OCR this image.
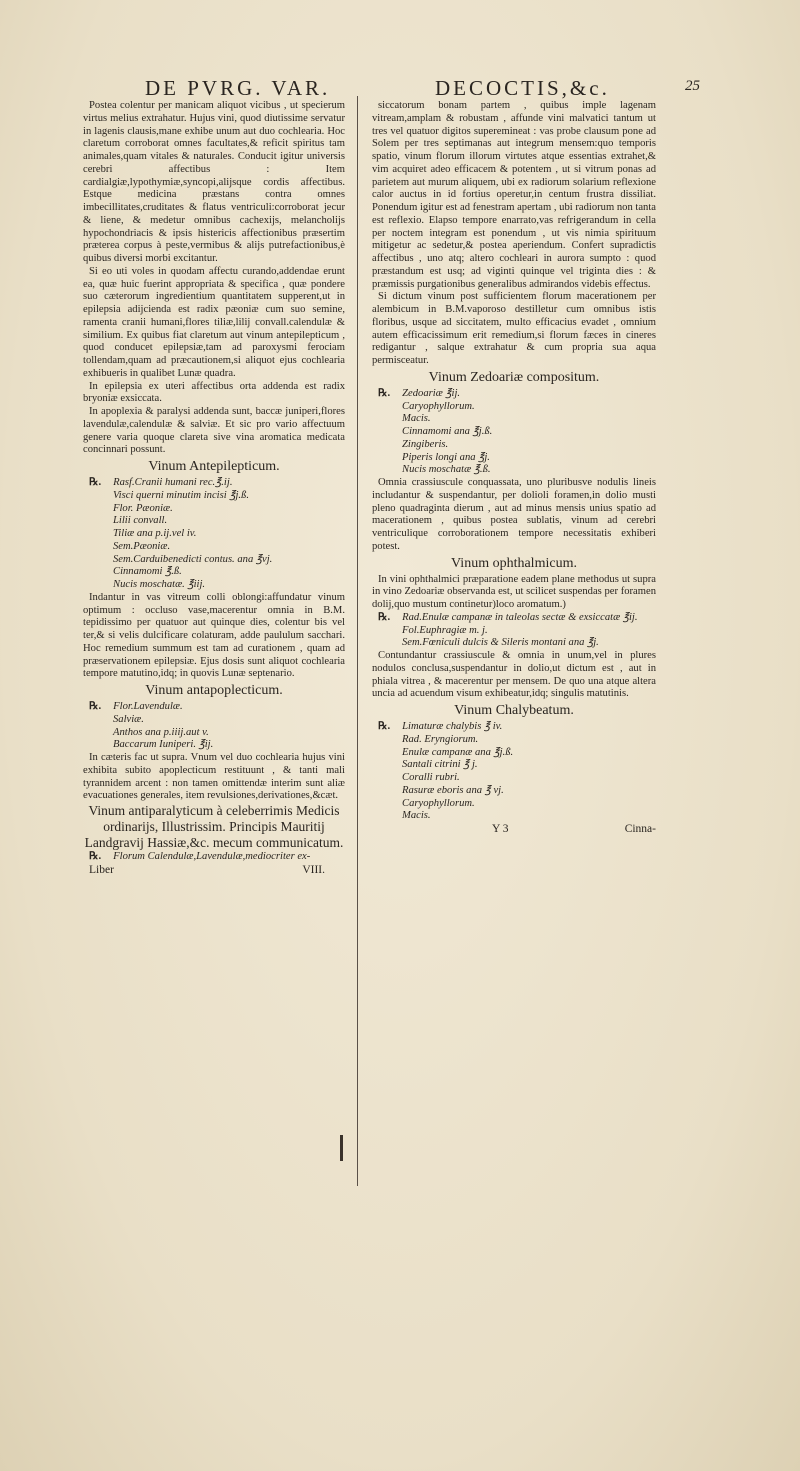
DE PVRG. VAR.	DECOCTIS,&c.	25

Postea colentur per manicam aliquot vicibus , ut specierum virtus melius extrahatur. Hujus vini, quod diutissime servatur in lagenis clausis,mane exhibe unum aut duo cochlearia. Hoc claretum corroborat omnes facultates,& reficit spiritus tam animales,quam vitales & naturales. Conducit igitur universis cerebri affectibus : Item cardialgiæ,lypothymiæ,syncopi,alijsque cordis affectibus. Estque medicina præstans contra omnes imbecillitates,cruditates & flatus ventriculi:corroborat jecur & liene, & medetur omnibus cachexijs, melancholijs hypochondriacis & ipsis histericis affectionibus præsertim præterea corpus à peste,vermibus & alijs putrefactionibus,è quibus diversi morbi excitantur.

Si eo uti voles in quodam affectu curando,addendae erunt ea, quæ huic fuerint appropriata & specifica , quæ pondere suo cæterorum ingredientium quantitatem supperent,ut in epilepsia adijcienda est radix pæoniæ cum suo semine, ramenta cranii humani,flores tiliæ,lilij convall.calendulæ & similium. Ex quibus fiat claretum aut vinum antepilepticum , quod conducet epilepsiæ,tam ad paroxysmi ferociam tollendam,quam ad præcautionem,si aliquot ejus cochlearia exhibueris in qualibet Lunæ quadra.

In epilepsia ex uteri affectibus orta addenda est radix bryoniæ exsiccata.

In apoplexia & paralysi addenda sunt, baccæ juniperi,flores lavendulæ,calendulæ & salviæ. Et sic pro vario affectuum genere varia quoque clareta sive vina aromatica medicata concinnari possunt.

Vinum Antepilepticum.

℞. Rasf.Cranii humani rec.℥.ij.

Visci querni minutim incisi ℥j.ß.

Flor. Pæoniæ.

Lilii convall.

Tiliæ ana p.ij.vel iv.

Sem.Pæoniæ.

Sem.Carduibenedicti contus. ana ℥vj.

Cinnamomi ℥.ß.

Nucis moschatæ. ℥iij.

Indantur in vas vitreum colli oblongi:affundatur vinum optimum : occluso vase,macerentur omnia in B.M. tepidissimo per quatuor aut quinque dies, colentur bis vel ter,& si velis dulcificare colaturam, adde paululum sacchari. Hoc remedium summum est tam ad curationem , quam ad præservationem epilepsiæ. Ejus dosis sunt aliquot cochlearia tempore matutino,idq; in quovis Lunæ septenario.

Vinum antapoplecticum.

℞. Flor.Lavendulæ.

Salviæ.

Anthos ana p.iiij.aut v.

Baccarum Iuniperi. ℥ij.

In cæteris fac ut supra. Vnum vel duo cochlearia hujus vini exhibita subito apoplecticum restituunt , & tanti mali tyrannidem arcent : non tamen omittendæ interim sunt aliæ evacuationes generales, item revulsiones,derivationes,&cæt.

Vinum antiparalyticum à celeberrimis Medicis ordinarijs, Illustrissim. Principis Mauritij Landgravij Hassiæ,&c. mecum communicatum.

℞. Florum Calendulæ,Lavendulæ,mediocriter ex-

Liber	VIII.

siccatorum bonam partem , quibus imple lagenam vitream,amplam & robustam , affunde vini malvatici tantum ut tres vel quatuor digitos superemineat : vas probe clausum pone ad Solem per tres septimanas aut integrum mensem:quo temporis spatio, vinum florum illorum virtutes atque essentias extrahet,& vim acquiret adeo efficacem & potentem , ut si vitrum ponas ad parietem aut murum aliquem, ubi ex radiorum solarium reflexione calor auctus in id fortius operetur,in centum frustra dissiliat. Ponendum igitur est ad fenestram apertam , ubi radiorum non tanta est reflexio. Elapso tempore enarrato,vas refrigerandum in cella per noctem integram est ponendum , ut vis nimia spirituum mitigetur ac sedetur,& postea aperiendum. Confert supradictis affectibus , uno atq; altero cochleari in aurora sumpto : quod præstandum est usq; ad viginti quinque vel triginta dies : & præmissis purgationibus generalibus admirandos videbis effectus.

Si dictum vinum post sufficientem florum macerationem per alembicum in B.M.vaporoso destilletur cum omnibus istis floribus, usque ad siccitatem, multo efficacius evadet , omnium autem efficacissimum erit remedium,si florum fæces in cineres redigantur , salque extrahatur & cum propria sua aqua permisceatur.

Vinum Zedoariæ compositum.

℞. Zedoariæ ℥ij.

Caryophyllorum.

Macis.

Cinnamomi ana ℥j.ß.

Zingiberis.

Piperis longi ana ℥j.

Nucis moschatæ ℥.ß.

Omnia crassiuscule conquassata, uno pluribusve nodulis lineis includantur & suspendantur, per dolioli foramen,in dolio musti pleno quadraginta dierum , aut ad minus mensis unius spatio ad macerationem , quibus postea sublatis, vinum ad cerebri ventriculique corroborationem tempore necessitatis exhiberi potest.

Vinum ophthalmicum.

In vini ophthalmici præparatione eadem plane methodus ut supra in vino Zedoariæ observanda est, ut scilicet suspendas per foramen dolij,quo mustum continetur)loco aromatum.)

℞. Rad.Enulæ campanæ in taleolas sectæ & exsiccatæ ℥ij.

Fol.Euphragiæ m. j.

Sem.Fœniculi dulcis & Sileris montani ana ℥j.

Contundantur crassiuscule & omnia in unum,vel in plures nodulos conclusa,suspendantur in dolio,ut dictum est , aut in phiala vitrea , & macerentur per mensem. De quo una atque altera uncia ad acuendum visum exhibeatur,idq; singulis matutinis.

Vinum Chalybeatum.

℞. Limaturæ chalybis ℥ iv.

Rad. Eryngiorum.

Enulæ campanæ ana ℥j.ß.

Santali citrini ℥ j.

Coralli rubri.

Rasuræ eboris ana ℥ vj.

Caryophyllorum.

Macis.

Y 3	Cinna-
